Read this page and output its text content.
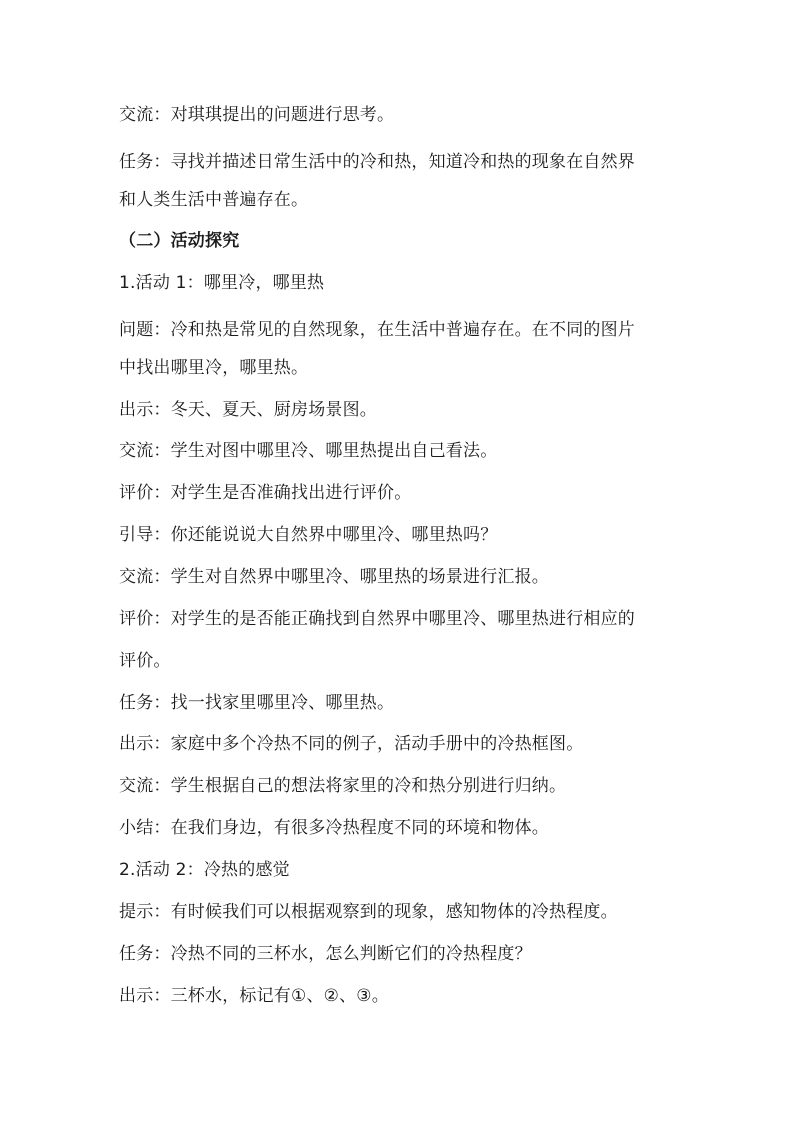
交流：对琪琪提出的问题进行思考。
任务：寻找并描述日常生活中的冷和热，知道冷和热的现象在自然界
和人类生活中普遍存在。
（二）活动探究
1.活动 1：哪里冷，哪里热
问题：冷和热是常见的自然现象，在生活中普遍存在。在不同的图片
中找出哪里冷，哪里热。
出示：冬天、夏天、厨房场景图。
交流：学生对图中哪里冷、哪里热提出自己看法。
评价：对学生是否准确找出进行评价。
引导：你还能说说大自然界中哪里冷、哪里热吗？
交流：学生对自然界中哪里冷、哪里热的场景进行汇报。
评价：对学生的是否能正确找到自然界中哪里冷、哪里热进行相应的
评价。
任务：找一找家里哪里冷、哪里热。
出示：家庭中多个冷热不同的例子，活动手册中的冷热框图。
交流：学生根据自己的想法将家里的冷和热分别进行归纳。
小结：在我们身边，有很多冷热程度不同的环境和物体。
2.活动 2：冷热的感觉
提示：有时候我们可以根据观察到的现象，感知物体的冷热程度。
任务：冷热不同的三杯水，怎么判断它们的冷热程度？
出示：三杯水，标记有①、②、③。
